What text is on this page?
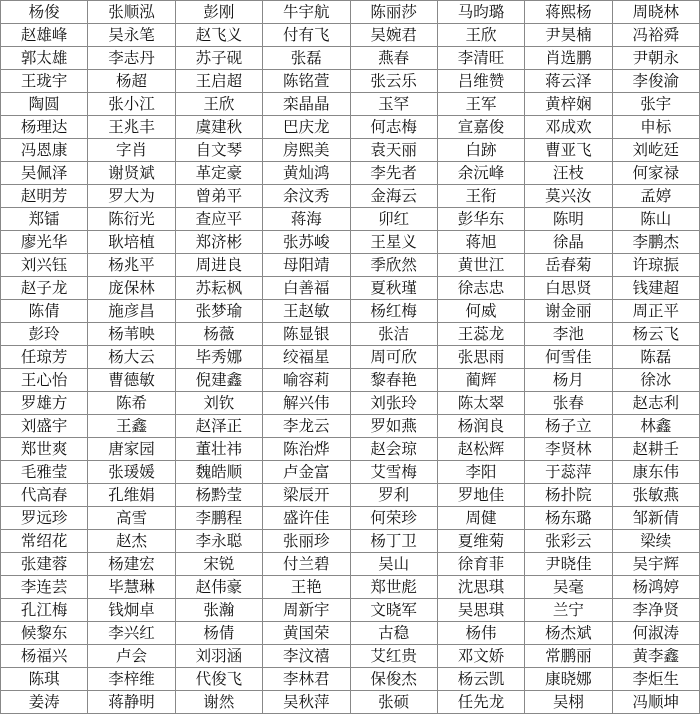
杨俊	张顺泓	彭刚	牛宇航	陈丽莎	马昀璐	蒋熙杨	周晓林
赵雄峰	吴永笔	赵飞义	付有飞	吴婉君	王欣	尹昊楠	冯裕舜
郭太雄	李志丹	苏子砚	张磊	燕春	李清旺	肖选鹏	尹朝永
王珑宇	杨超	王启超	陈铭萱	张云乐	吕维赞	蒋云泽	李俊渝
陶圆	张小江	王欣	栾晶晶	玉罕	王军	黄梓娴	张宇
杨理达	王兆丰	虞建秋	巴庆龙	何志梅	宣嘉俊	邓成欢	申标
冯恩康	字肖	自文琴	房熙美	袁天丽	白跡	曹亚飞	刘屹廷
吴佩泽	谢贤斌	革定豪	黄灿鸿	李先者	余沅峰	汪枝	何家禄
赵明芳	罗大为	曾弟平	余汶秀	金海云	王衔	莫兴汝	孟婷
郑镭	陈衍光	查应平	蒋海	卯红	彭华东	陈明	陈山
廖光华	耿培植	郑济彬	张苏峻	王星义	蒋旭	徐晶	李鹏杰
刘兴钰	杨兆平	周进良	母阳靖	季欣然	黄世江	岳春菊	许琼振
赵子龙	庞保林	苏耘枫	白善福	夏秋瑾	徐志忠	白思贤	钱建超
陈倩	施彦昌	张梦瑜	王赵敏	杨红梅	何威	谢金丽	周正平
彭玲	杨苇映	杨薇	陈显银	张洁	王蕊龙	李池	杨云飞
任琼芳	杨大云	毕秀娜	绞福星	周可欣	张思雨	何雪佳	陈磊
王心怡	曹德敏	倪建鑫	喻容莉	黎春艳	蔺辉	杨月	徐冰
罗雄方	陈希	刘钦	解兴伟	刘张玲	陈太翠	张春	赵志利
刘盛宇	王鑫	赵泽正	李龙云	罗如燕	杨润良	杨子立	林鑫
郑世爽	唐家园	董壮祎	陈治烨	赵会琼	赵松辉	李贤林	赵耕壬
毛雅莹	张瑗媛	魏皓顺	卢金富	艾雪梅	李阳	于蕊萍	康东伟
代高春	孔维娟	杨黔莹	梁辰开	罗利	罗地佳	杨扑院	张敏燕
罗远珍	高雪	李鹏程	盛许佳	何荣珍	周健	杨东璐	邹新倩
常绍花	赵杰	李永聪	张丽珍	杨丁卫	夏维菊	张彩云	梁续
张建蓉	杨建宏	宋锐	付兰碧	吴山	徐育菲	尹晓佳	吴宇辉
李连芸	毕慧琳	赵伟豪	王艳	郑世彪	沈思琪	吴毫	杨鸿婷
孔江梅	钱炯卓	张瀚	周新宇	文晓军	吴思琪	兰宁	李净贤
候黎东	李兴红	杨倩	黄国荣	古稳	杨伟	杨杰斌	何淑涛
杨福兴	卢会	刘羽涵	李汶禧	艾红贵	邓文娇	常鹏丽	黄李鑫
陈琪	李梓维	代俊飞	李林君	保俊杰	杨云凯	康晓娜	李炬生
姜涛	蒋静明	谢然	吴秋萍	张硕	任先龙	吴栩	冯顺坤
